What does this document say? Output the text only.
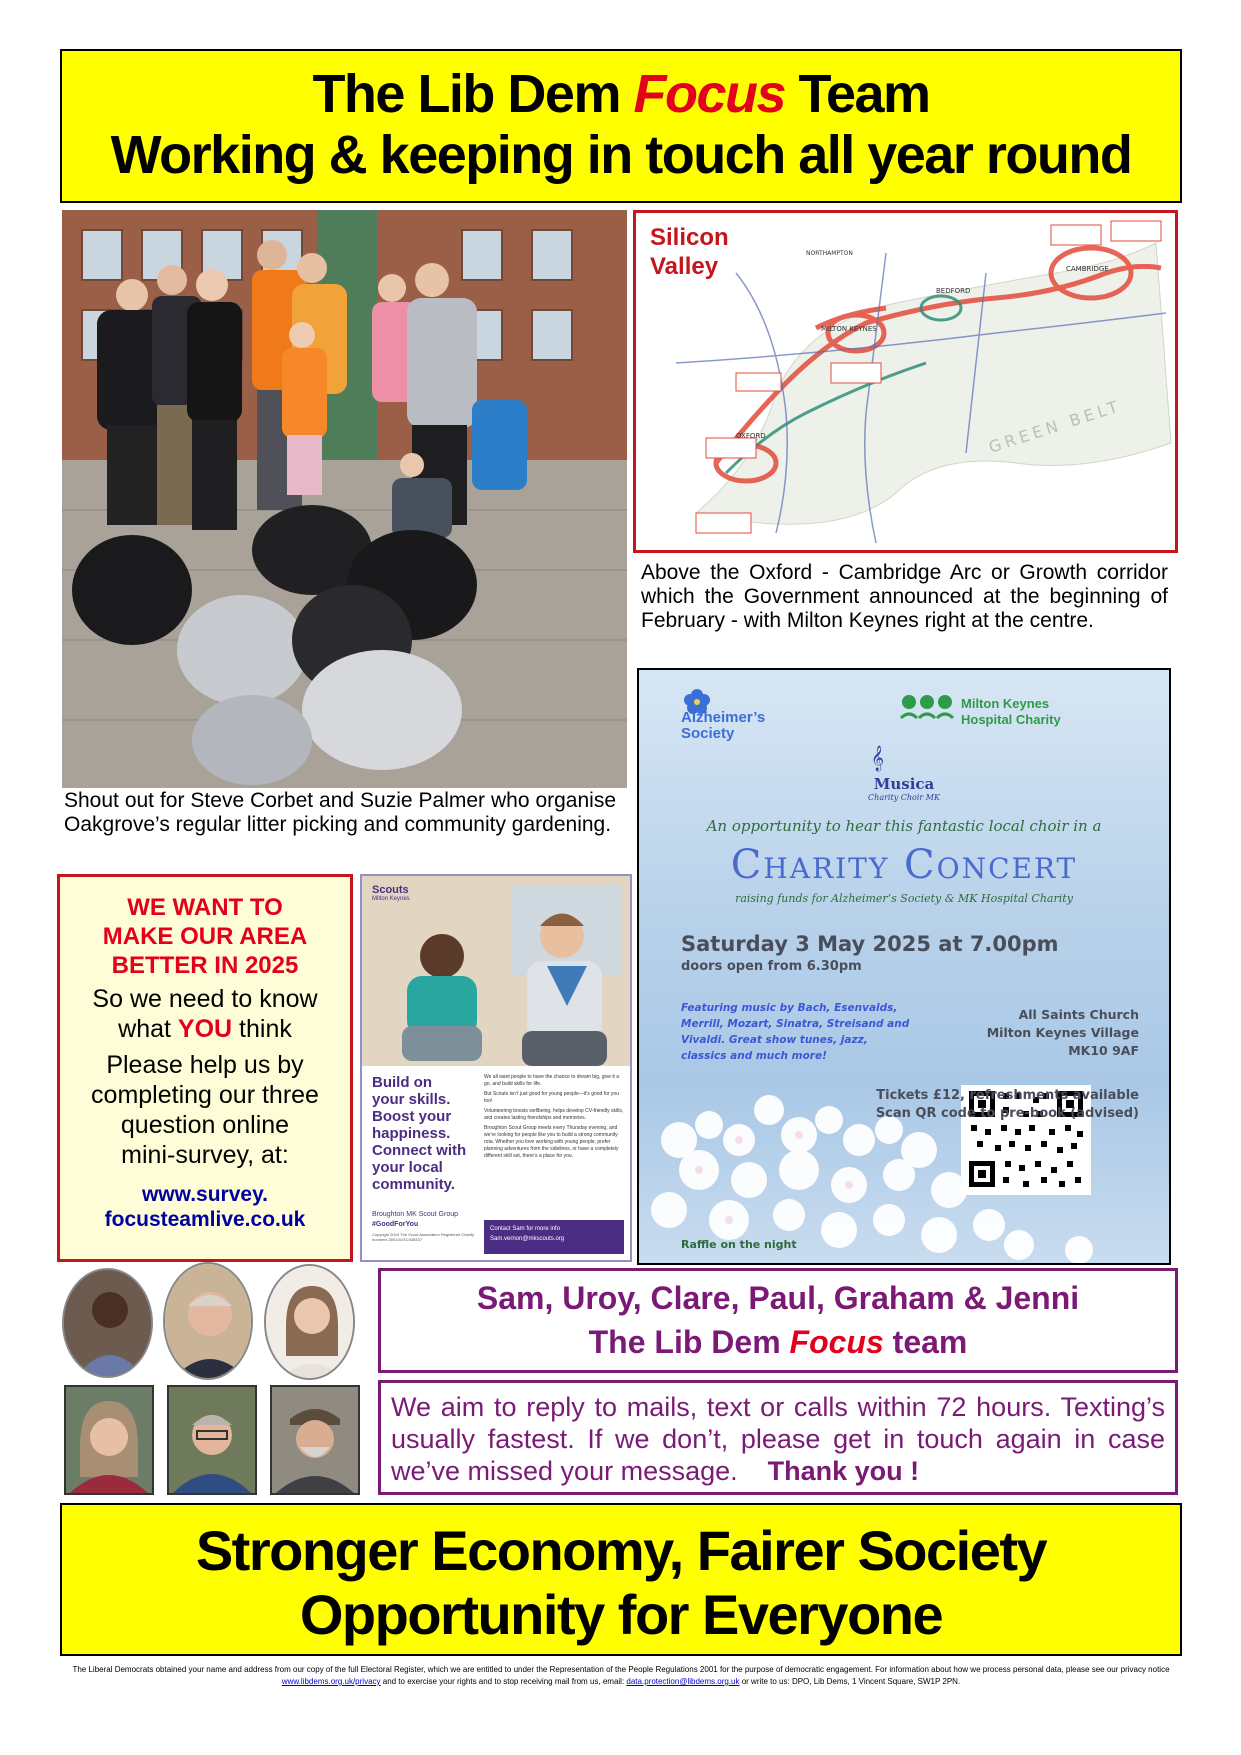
The Lib Dem Focus Team
Working & keeping in touch all year round
Shout out for Steve Corbet and Suzie Palmer who organise Oakgrove’s regular litter picking and community gardening.
GREEN BELT
OXFORD
MILTON KEYNES
CAMBRIDGE
NORTHAMPTON
BEDFORD
Silicon
Valley
Above the Oxford - Cambridge Arc or Growth corridor which the Government announced at the beginning of February - with Milton Keynes right at the centre.
WE WANT TO
MAKE OUR AREA
BETTER IN 2025
So we need to know
what YOU think
Please help us by
completing our three
question online
mini-survey, at:
www.survey.
focusteamlive.co.uk
Scouts
Milton Keynes
Build on
your skills.
Boost your
happiness.
Connect with
your local
community.

We all want people to have the chance to dream big, give it a go, and build skills for life.

But Scouts isn’t just good for young people—it’s good for you too!

Volunteering boosts wellbeing, helps develop CV-friendly skills, and creates lasting friendships and memories.

Broughton Scout Group meets every Thursday evening, and we’re looking for people like you to build a strong community rota. Whether you love working with young people, prefer planning adventures from the sidelines, or have a completely different skill set, there’s a place for you.

Broughton MK Scout Group
#GoodForYou
Copyright 2024 The Scout Association Registered Charity numbers 306101/SC038437
Contact Sam for more info
Sam.vernon@mkscouts.org
𝄞
Alzheimer’s
Society
Milton Keynes
Hospital Charity
Musica
Charity Choir MK
An opportunity to hear this fantastic local choir in a
Charity Concert
raising funds for Alzheimer’s Society & MK Hospital Charity
Saturday 3 May 2025 at 7.00pm
doors open from 6.30pm
Featuring music by Bach, Esenvalds, Merrill, Mozart, Sinatra, Streisand and Vivaldi. Great show tunes, jazz, classics and much more!
All Saints Church
Milton Keynes Village
MK10 9AF
Tickets £12, refreshments available
Scan QR code to pre-book (advised)
Raffle on the night
Sam, Uroy, Clare, Paul, Graham & Jenni
The Lib Dem Focus team
We aim to reply to mails, text or calls within 72 hours. Texting’s usually fastest. If we don’t, please get in touch again in case we’ve missed your message. Thank you !
Stronger Economy, Fairer Society
Opportunity for Everyone
The Liberal Democrats obtained your name and address from our copy of the full Electoral Register, which we are entitled to under the Representation of the People Regulations 2001 for the purpose of democratic engagement. For information about how we process personal data, please see our privacy notice www.libdems.org.uk/privacy and to exercise your rights and to stop receiving mail from us, email: data.protection@libdems.org.uk or write to us: DPO, Lib Dems, 1 Vincent Square, SW1P 2PN.
